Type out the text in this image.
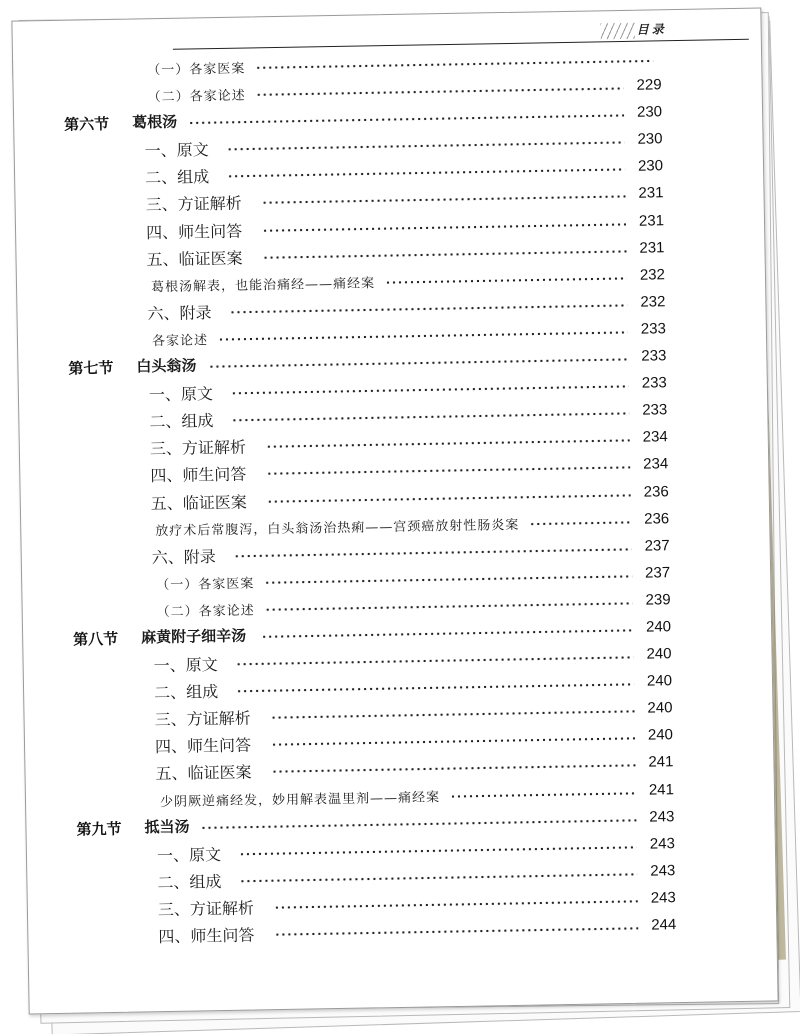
目录
（一）各家医案
（二）各家论述
229
第六节 葛根汤
230
一、原文
230
二、组成
230
三、方证解析
231
四、师生问答
231
五、临证医案
231
葛根汤解表，也能治痛经——痛经案
232
六、附录
232
各家论述
233
第七节 白头翁汤
233
一、原文
233
二、组成
233
三、方证解析
234
四、师生问答
234
五、临证医案
236
放疗术后常腹泻，白头翁汤治热痢——宫颈癌放射性肠炎案	236
六、附录
237
（一）各家医案
237
（二）各家论述
239
第八节 麻黄附子细辛汤	240
一、原文
240
二、组成
240
三、方证解析
240
四、师生问答
240
五、临证医案
241
少阴厥逆痛经发，妙用解表温里剂——痛经案
241
第九节 抵当汤
243
一、原文
243
二、组成
243
三、方证解析
243
四、师生问答
244
